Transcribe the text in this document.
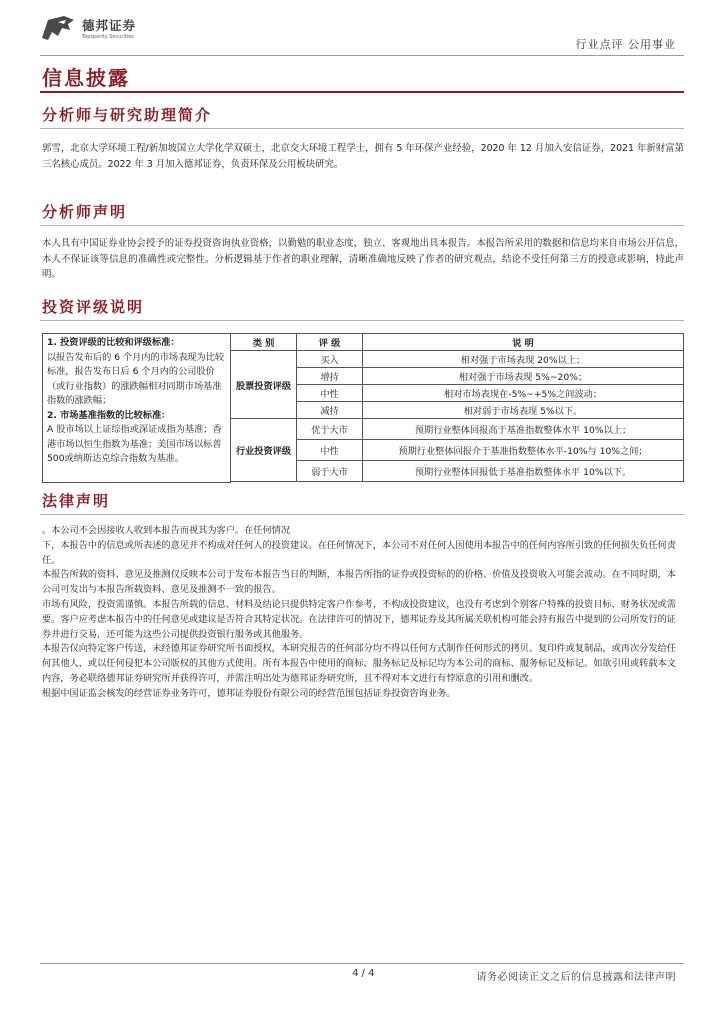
德邦证券
Topsperity Securities
行业点评 公用事业
信息披露
分析师与研究助理简介
郭雪，北京大学环境工程/新加坡国立大学化学双硕士，北京交大环境工程学士，拥有 5 年环保产业经验，2020 年 12 月加入安信证券，2021 年新财富第三名核心成员。2022 年 3 月加入德邦证券，负责环保及公用板块研究。
分析师声明
本人具有中国证券业协会授予的证券投资咨询执业资格，以勤勉的职业态度，独立、客观地出具本报告。本报告所采用的数据和信息均来自市场公开信息，本人不保证该等信息的准确性或完整性。分析逻辑基于作者的职业理解，清晰准确地反映了作者的研究观点，结论不受任何第三方的授意或影响，特此声明。
投资评级说明
1. 投资评级的比较和评级标准：
以报告发布后的 6 个月内的市场表现为比较标准，报告发布日后 6 个月内的公司股价（或行业指数）的涨跌幅相对同期市场基准指数的涨跌幅；
2. 市场基准指数的比较标准：
A 股市场以上证综指或深证成指为基准；香港市场以恒生指数为基准；美国市场以标普500或纳斯达克综合指数为基准。	类 别	评 级	说 明
	股票投资评级	买入	相对强于市场表现 20%以上；
		增持	相对强于市场表现 5%~20%；
		中性	相对市场表现在-5%~+5%之间波动；
		减持	相对弱于市场表现 5%以下。
	行业投资评级	优于大市	预期行业整体回报高于基准指数整体水平 10%以上；
		中性	预期行业整体回报介于基准指数整体水平-10%与 10%之间；
		弱于大市	预期行业整体回报低于基准指数整体水平 10%以下。

法律声明

。本公司不会因接收人收到本报告而视其为客户。在任何情况

下，本报告中的信息或所表述的意见并不构成对任何人的投资建议。在任何情况下，本公司不对任何人因使用本报告中的任何内容所引致的任何损失负任何责任。

本报告所载的资料、意见及推测仅反映本公司于发布本报告当日的判断，本报告所指的证券或投资标的的价格、价值及投资收入可能会波动。在不同时期，本公司可发出与本报告所载资料、意见及推测不一致的报告。

市场有风险，投资需谨慎。本报告所载的信息、材料及结论只提供特定客户作参考，不构成投资建议，也没有考虑到个别客户特殊的投资目标、财务状况或需要。客户应考虑本报告中的任何意见或建议是否符合其特定状况。在法律许可的情况下，德邦证券及其所属关联机构可能会持有报告中提到的公司所发行的证券并进行交易，还可能为这些公司提供投资银行服务或其他服务。

本报告仅向特定客户传送，未经德邦证券研究所书面授权，本研究报告的任何部分均不得以任何方式制作任何形式的拷贝、复印件或复制品，或再次分发给任何其他人，或以任何侵犯本公司版权的其他方式使用。所有本报告中使用的商标、服务标记及标记均为本公司的商标、服务标记及标记。如欲引用或转载本文内容，务必联络德邦证券研究所并获得许可，并需注明出处为德邦证券研究所，且不得对本文进行有悖原意的引用和删改。

根据中国证监会核发的经营证券业务许可，德邦证券股份有限公司的经营范围包括证券投资咨询业务。

4 / 4	请务必阅读正文之后的信息披露和法律声明
